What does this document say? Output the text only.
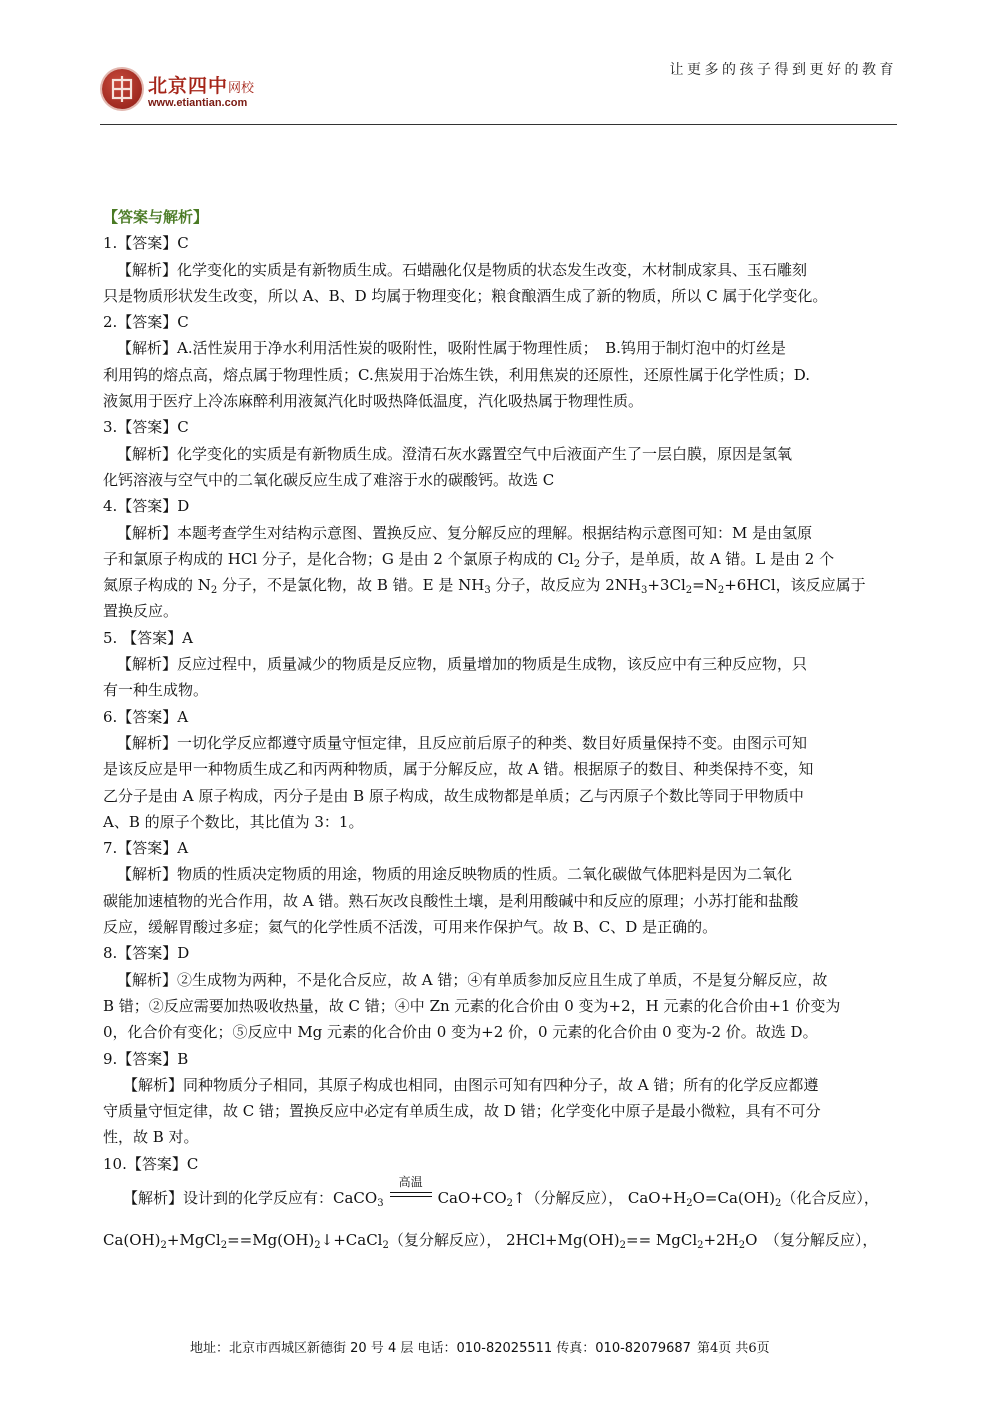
北京四中网校
www.etiantian.com
让更多的孩子得到更好的教育
【答案与解析】
1.【答案】C
【解析】化学变化的实质是有新物质生成。石蜡融化仅是物质的状态发生改变，木材制成家具、玉石雕刻
只是物质形状发生改变，所以 A、B、D 均属于物理变化；粮食酿酒生成了新的物质，所以 C 属于化学变化。
2.【答案】C
【解析】A.活性炭用于净水利用活性炭的吸附性，吸附性属于物理性质；　B.钨用于制灯泡中的灯丝是
利用钨的熔点高，熔点属于物理性质；C.焦炭用于冶炼生铁，利用焦炭的还原性，还原性属于化学性质；D.
液氮用于医疗上冷冻麻醉利用液氮汽化时吸热降低温度，汽化吸热属于物理性质。
3.【答案】C
【解析】化学变化的实质是有新物质生成。澄清石灰水露置空气中后液面产生了一层白膜，原因是氢氧
化钙溶液与空气中的二氧化碳反应生成了难溶于水的碳酸钙。故选 C
4.【答案】D
【解析】本题考查学生对结构示意图、置换反应、复分解反应的理解。根据结构示意图可知：M 是由氢原
子和氯原子构成的 HCl 分子，是化合物；G 是由 2 个氯原子构成的 $Cl_2$ 分子，是单质，故 A 错。L 是由 2 个
氮原子构成的 $N_2$ 分子，不是氯化物，故 B 错。E 是 $NH_3$ 分子，故反应为 $2NH_3+3Cl_2=N_2+6HCl$，该反应属于
置换反应。
5. 【答案】A
【解析】反应过程中，质量减少的物质是反应物，质量增加的物质是生成物，该反应中有三种反应物，只
有一种生成物。
6.【答案】A
【解析】一切化学反应都遵守质量守恒定律，且反应前后原子的种类、数目好质量保持不变。由图示可知
是该反应是甲一种物质生成乙和丙两种物质，属于分解反应，故 A 错。根据原子的数目、种类保持不变，知
乙分子是由 A 原子构成，丙分子是由 B 原子构成，故生成物都是单质；乙与丙原子个数比等同于甲物质中
A、B 的原子个数比，其比值为 3：1。
7.【答案】A
【解析】物质的性质决定物质的用途，物质的用途反映物质的性质。二氧化碳做气体肥料是因为二氧化
碳能加速植物的光合作用，故 A 错。熟石灰改良酸性土壤，是利用酸碱中和反应的原理；小苏打能和盐酸
反应，缓解胃酸过多症；氦气的化学性质不活泼，可用来作保护气。故 B、C、D 是正确的。
8.【答案】D
【解析】②生成物为两种，不是化合反应，故 A 错；④有单质参加反应且生成了单质，不是复分解反应，故
B 错；②反应需要加热吸收热量，故 C 错；④中 Zn 元素的化合价由 0 变为+2，H 元素的化合价由+1 价变为
0，化合价有变化；⑤反应中 Mg 元素的化合价由 0 变为+2 价，0 元素的化合价由 0 变为-2 价。故选 D。
9.【答案】B
【解析】同种物质分子相同，其原子构成也相同，由图示可知有四种分子，故 A 错；所有的化学反应都遵
守质量守恒定律，故 C 错；置换反应中必定有单质生成，故 D 错；化学变化中原子是最小微粒，具有不可分
性，故 B 对。
10.【答案】C
【解析】设计到的化学反应有：CaCO$_3$
高温
$CaO+CO_2↑$（分解反应）， $CaO+H_2O=Ca(OH)_2$（化合反应），
$Ca(OH)_2+MgCl_2==Mg(OH)_2↓+CaCl_2$（复分解反应）， $2HCl+Mg(OH)_2==$ $MgCl_2+2H_2O$　（复分解反应），
地址：北京市西城区新德街 20 号 4 层 电话：010-82025511 传真：010-82079687 第4页 共6页
